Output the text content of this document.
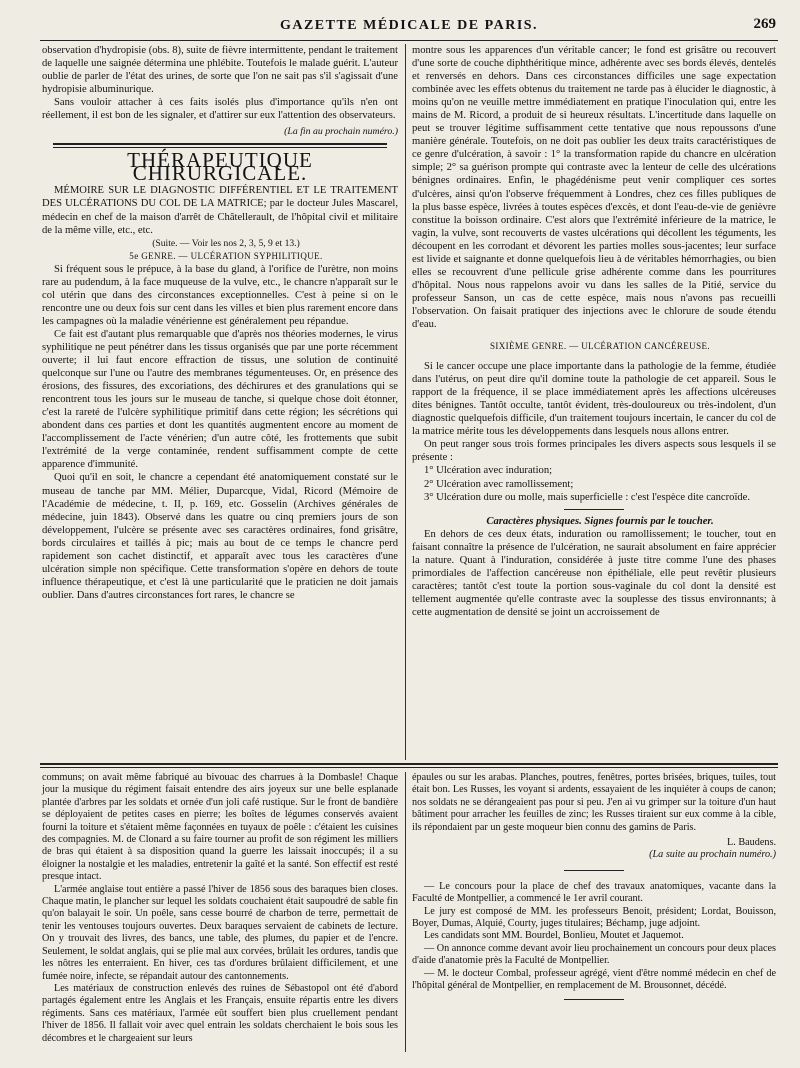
GAZETTE MÉDICALE DE PARIS.	269

observation d'hydropisie (obs. 8), suite de fièvre intermittente, pendant le traitement de laquelle une saignée détermina une phlébite. Toutefois le malade guérit. L'auteur oublie de parler de l'état des urines, de sorte que l'on ne sait pas s'il s'agissait d'une hydropisie albuminurique.

Sans vouloir attacher à ces faits isolés plus d'importance qu'ils n'en ont réellement, il est bon de les signaler, et d'attirer sur eux l'attention des observateurs.

(La fin au prochain numéro.)

THÉRAPEUTIQUE CHIRURGICALE.

MÉMOIRE SUR LE DIAGNOSTIC DIFFÉRENTIEL ET LE TRAITEMENT DES ULCÉRATIONS DU COL DE LA MATRICE; par le docteur Jules Mascarel, médecin en chef de la maison d'arrêt de Châtellerault, de l'hôpital civil et militaire de la même ville, etc., etc.

(Suite. — Voir les nos 2, 3, 5, 9 et 13.)

5e GENRE. — ULCÉRATION SYPHILITIQUE.

Si fréquent sous le prépuce, à la base du gland, à l'orifice de l'urètre, non moins rare au pudendum, à la face muqueuse de la vulve, etc., le chancre n'apparaît sur le col utérin que dans des circonstances exceptionnelles. C'est à peine si on le rencontre une ou deux fois sur cent dans les villes et bien plus rarement encore dans les campagnes où la maladie vénérienne est généralement peu répandue.

Ce fait est d'autant plus remarquable que d'après nos théories modernes, le virus syphilitique ne peut pénétrer dans les tissus organisés que par une porte récemment ouverte; il lui faut encore effraction de tissus, une solution de continuité quelconque sur l'une ou l'autre des membranes tégumenteuses. Or, en présence des érosions, des fissures, des excoriations, des déchirures et des granulations qui se rencontrent tous les jours sur le museau de tanche, si quelque chose doit étonner, c'est la rareté de l'ulcère syphilitique primitif dans cette région; les sécrétions qui abondent dans ces parties et dont les quantités augmentent encore au moment de l'accomplissement de l'acte vénérien; d'un autre côté, les frottements que subit l'extrémité de la verge contaminée, rendent suffisamment compte de cette apparence d'immunité.

Quoi qu'il en soit, le chancre a cependant été anatomiquement constaté sur le museau de tanche par MM. Mélier, Duparcque, Vidal, Ricord (Mémoire de l'Académie de médecine, t. II, p. 169, etc. Gosselin (Archives générales de médecine, juin 1843). Observé dans les quatre ou cinq premiers jours de son développement, l'ulcère se présente avec ses caractères ordinaires, fond grisâtre, bords circulaires et taillés à pic; mais au bout de ce temps le chancre perd rapidement son cachet distinctif, et apparaît avec tous les caractères d'une ulcération simple non spécifique. Cette transformation s'opère en dehors de toute influence thérapeutique, et c'est là une particularité que le praticien ne doit jamais oublier. Dans d'autres circonstances fort rares, le chancre se

montre sous les apparences d'un véritable cancer; le fond est grisâtre ou recouvert d'une sorte de couche diphthéritique mince, adhérente avec ses bords élevés, dentelés et renversés en dehors. Dans ces circonstances difficiles une sage expectation combinée avec les effets obtenus du traitement ne tarde pas à élucider le diagnostic, à moins qu'on ne veuille mettre immédiatement en pratique l'inoculation qui, entre les mains de M. Ricord, a produit de si heureux résultats. L'incertitude dans laquelle on peut se trouver légitime suffisamment cette tentative que nous repoussons d'une manière générale. Toutefois, on ne doit pas oublier les deux traits caractéristiques de ce genre d'ulcération, à savoir : 1° la transformation rapide du chancre en ulcération simple; 2° sa guérison prompte qui contraste avec la lenteur de celle des ulcérations bénignes ordinaires. Enfin, le phagédénisme peut venir compliquer ces sortes d'ulcères, ainsi qu'on l'observe fréquemment à Londres, chez ces filles publiques de la plus basse espèce, livrées à toutes espèces d'excès, et dont l'eau-de-vie de genièvre constitue la boisson ordinaire. C'est alors que l'extrémité inférieure de la matrice, le vagin, la vulve, sont recouverts de vastes ulcérations qui décollent les téguments, les découpent en les corrodant et dévorent les parties molles sous-jacentes; leur surface est livide et saignante et donne quelquefois lieu à de véritables hémorrhagies, ou bien elles se recouvrent d'une pellicule grise adhérente comme dans les pourritures d'hôpital. Nous nous rappelons avoir vu dans les salles de la Pitié, service du professeur Sanson, un cas de cette espèce, mais nous n'avons pas recueilli l'observation. On faisait pratiquer des injections avec le chlorure de soude étendu d'eau.

SIXIÈME GENRE. — ULCÉRATION CANCÉREUSE.

Si le cancer occupe une place importante dans la pathologie de la femme, étudiée dans l'utérus, on peut dire qu'il domine toute la pathologie de cet appareil. Sous le rapport de la fréquence, il se place immédiatement après les affections ulcéreuses dites bénignes. Tantôt occulte, tantôt évident, très-douloureux ou très-indolent, d'un diagnostic quelquefois difficile, d'un traitement toujours incertain, le cancer du col de la matrice mérite tous les développements dans lesquels nous allons entrer.

On peut ranger sous trois formes principales les divers aspects sous lesquels il se présente :

1° Ulcération avec induration;

2° Ulcération avec ramollissement;

3° Ulcération dure ou molle, mais superficielle : c'est l'espèce dite cancroïde.

Caractères physiques. Signes fournis par le toucher.

En dehors de ces deux états, induration ou ramollissement; le toucher, tout en faisant connaître la présence de l'ulcération, ne saurait absolument en faire apprécier la nature. Quant à l'induration, considérée à juste titre comme l'une des phases primordiales de l'affection cancéreuse non épithéliale, elle peut revêtir plusieurs caractères; tantôt c'est toute la portion sous-vaginale du col dont la densité est tellement augmentée qu'elle contraste avec la souplesse des tissus environnants; à cette augmentation de densité se joint un accroissement de

communs; on avait même fabriqué au bivouac des charrues à la Dombasle! Chaque jour la musique du régiment faisait entendre des airs joyeux sur une belle esplanade plantée d'arbres par les soldats et ornée d'un joli café rustique. Sur le front de bandière se déployaient de petites cases en pierre; les boîtes de légumes conservés avaient fourni la toiture et s'étaient même façonnées en tuyaux de poêle : c'étaient les cuisines des compagnies. M. de Clonard a su faire tourner au profit de son régiment les milliers de bras qui étaient à sa disposition quand la guerre les laissait inoccupés; il a su éloigner la nostalgie et les maladies, entretenir la gaîté et la santé. Son effectif est resté presque intact.

L'armée anglaise tout entière a passé l'hiver de 1856 sous des baraques bien closes. Chaque matin, le plancher sur lequel les soldats couchaient était saupoudré de sable fin qu'on balayait le soir. Un poêle, sans cesse bourré de charbon de terre, permettait de tenir les ventouses toujours ouvertes. Deux baraques servaient de cabinets de lecture. On y trouvait des livres, des bancs, une table, des plumes, du papier et de l'encre. Seulement, le soldat anglais, qui se plie mal aux corvées, brûlait les ordures, tandis que les nôtres les enterraient. En hiver, ces tas d'ordures brûlaient difficilement, et une fumée noire, infecte, se répandait autour des cantonnements.

Les matériaux de construction enlevés des ruines de Sébastopol ont été d'abord partagés également entre les Anglais et les Français, ensuite répartis entre les divers régiments. Sans ces matériaux, l'armée eût souffert bien plus cruellement pendant l'hiver de 1856. Il fallait voir avec quel entrain les soldats cherchaient le bois sous les décombres et le chargeaient sur leurs

épaules ou sur les arabas. Planches, poutres, fenêtres, portes brisées, briques, tuiles, tout était bon. Les Russes, les voyant si ardents, essayaient de les inquiéter à coups de canon; nos soldats ne se dérangeaient pas pour si peu. J'en ai vu grimper sur la toiture d'un haut bâtiment pour arracher les feuilles de zinc; les Russes tiraient sur eux comme à la cible, ils répondaient par un geste moqueur bien connu des gamins de Paris.

L. Baudens.

(La suite au prochain numéro.)

— Le concours pour la place de chef des travaux anatomiques, vacante dans la Faculté de Montpellier, a commencé le 1er avril courant.

Le jury est composé de MM. les professeurs Benoit, président; Lordat, Bouisson, Boyer, Dumas, Alquié, Courty, juges titulaires; Béchamp, juge adjoint.

Les candidats sont MM. Bourdel, Bonlieu, Moutet et Jaquemot.

— On annonce comme devant avoir lieu prochainement un concours pour deux places d'aide d'anatomie près la Faculté de Montpellier.

— M. le docteur Combal, professeur agrégé, vient d'être nommé médecin en chef de l'hôpital général de Montpellier, en remplacement de M. Brousonnet, décédé.
